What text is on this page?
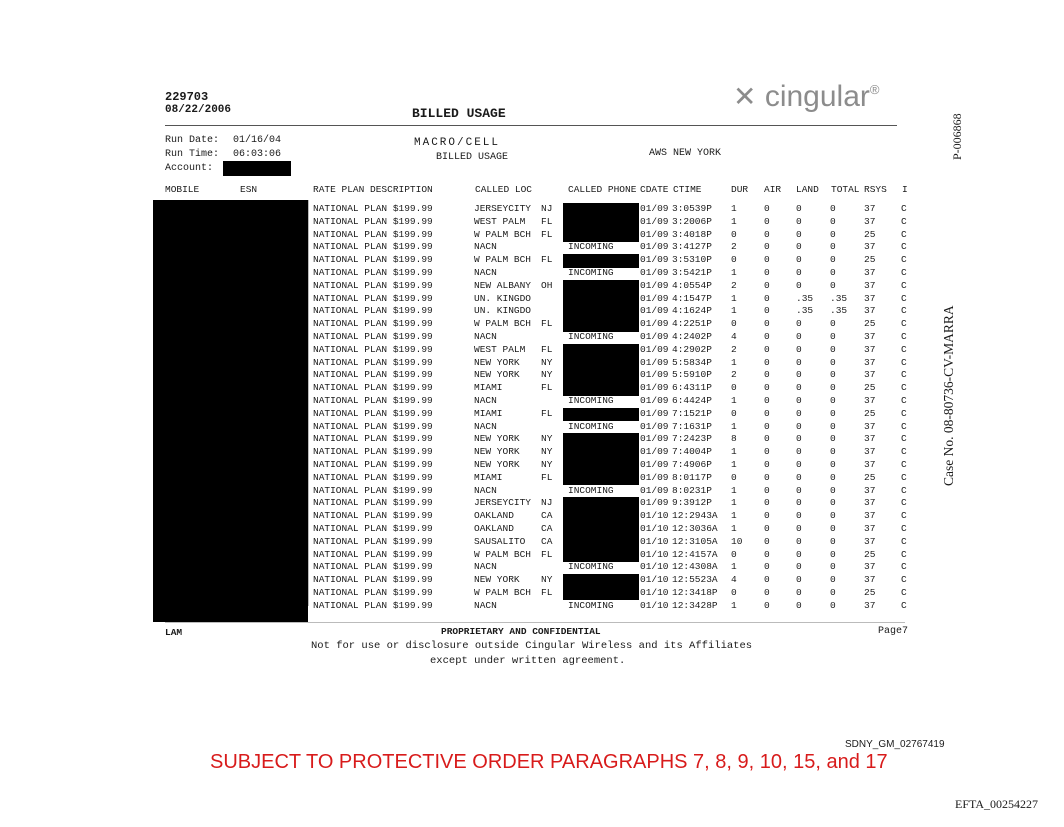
229703
08/22/2006	BILLED USAGE
✕ cingular®
Run Date: 01/16/04
Run Time: 06:03:06
Account:
MACRO/CELL
BILLED USAGE	AWS NEW YORK
MOBILE	ESN	RATE PLAN DESCRIPTION	CALLED LOC	CALLED PHONE CDATE CTIME	DUR AIR LAND TOTAL RSYS I
NATIONAL PLAN $199.99	JERSEYCITY NJ	01/09 3:0539P 1	0	0	0	37	C
NATIONAL PLAN $199.99	WEST PALM FL	01/09 3:2006P 1	0	0	0	37	C
NATIONAL PLAN $199.99	W PALM BCH FL	01/09 3:4018P 0	0	0	0	25	C
NATIONAL PLAN $199.99	NACN	INCOMING	01/09 3:4127P 2	0	0	0	37	C
NATIONAL PLAN $199.99	W PALM BCH FL	01/09 3:5310P 0	0	0	0	25	C
NATIONAL PLAN $199.99	NACN	INCOMING	01/09 3:5421P 1	0	0	0	37	C
NATIONAL PLAN $199.99	NEW ALBANY OH	01/09 4:0554P 2	0	0	0	37	C
NATIONAL PLAN $199.99	UN. KINGDO	01/09 4:1547P 1	0	.35 .35 37	C
NATIONAL PLAN $199.99	UN. KINGDO	01/09 4:1624P 1	0	.35 .35 37	C
NATIONAL PLAN $199.99	W PALM BCH FL	01/09 4:2251P 0	0	0	0	25	C
NATIONAL PLAN $199.99	NACN	INCOMING	01/09 4:2402P 4	0	0	0	37	C
NATIONAL PLAN $199.99	WEST PALM FL	01/09 4:2902P 2	0	0	0	37	C
NATIONAL PLAN $199.99	NEW YORK NY	01/09 5:5834P 1	0	0	0	37	C
NATIONAL PLAN $199.99	NEW YORK NY	01/09 5:5910P 2	0	0	0	37	C
NATIONAL PLAN $199.99	MIAMI	FL	01/09 6:4311P 0	0	0	0	25	C
NATIONAL PLAN $199.99	NACN	INCOMING	01/09 6:4424P 1	0	0	0	37	C
NATIONAL PLAN $199.99	MIAMI	FL	01/09 7:1521P 0	0	0	0	25	C
NATIONAL PLAN $199.99	NACN	INCOMING	01/09 7:1631P 1	0	0	0	37	C
NATIONAL PLAN $199.99	NEW YORK NY	01/09 7:2423P 8	0	0	0	37	C
NATIONAL PLAN $199.99	NEW YORK NY	01/09 7:4004P 1	0	0	0	37	C
NATIONAL PLAN $199.99	NEW YORK NY	01/09 7:4906P 1	0	0	0	37	C
NATIONAL PLAN $199.99	MIAMI	FL	01/09 8:0117P 0	0	0	0	25	C
NATIONAL PLAN $199.99	NACN	INCOMING	01/09 8:0231P 1	0	0	0	37	C
NATIONAL PLAN $199.99	JERSEYCITY NJ	01/09 9:3912P 1	0	0	0	37	C
NATIONAL PLAN $199.99	OAKLAND	CA	01/10 12:2943A 1	0	0	0	37	C
NATIONAL PLAN $199.99	OAKLAND	CA	01/10 12:3036A 1	0	0	0	37	C
NATIONAL PLAN $199.99	SAUSALITO CA	01/10 12:3105A 10 0	0	0	37	C
NATIONAL PLAN $199.99	W PALM BCH FL	01/10 12:4157A 0	0	0	0	25	C
NATIONAL PLAN $199.99	NACN	INCOMING	01/10 12:4308A 1	0	0	0	37	C
NATIONAL PLAN $199.99	NEW YORK NY	01/10 12:5523A 4	0	0	0	37	C
NATIONAL PLAN $199.99	W PALM BCH FL	01/10 12:3418P 0	0	0	0	25	C
NATIONAL PLAN $199.99	NACN	INCOMING	01/10 12:3428P 1	0	0	0	37	C
LAM	PROPRIETARY AND CONFIDENTIAL	Page7
Not for use or disclosure outside Cingular Wireless and its Affiliates
except under written agreement.
P-006868
Case No. 08-80736-CV-MARRA
SDNY_GM_02767419
SUBJECT TO PROTECTIVE ORDER PARAGRAPHS 7, 8, 9, 10, 15, and 17
EFTA_00254227
